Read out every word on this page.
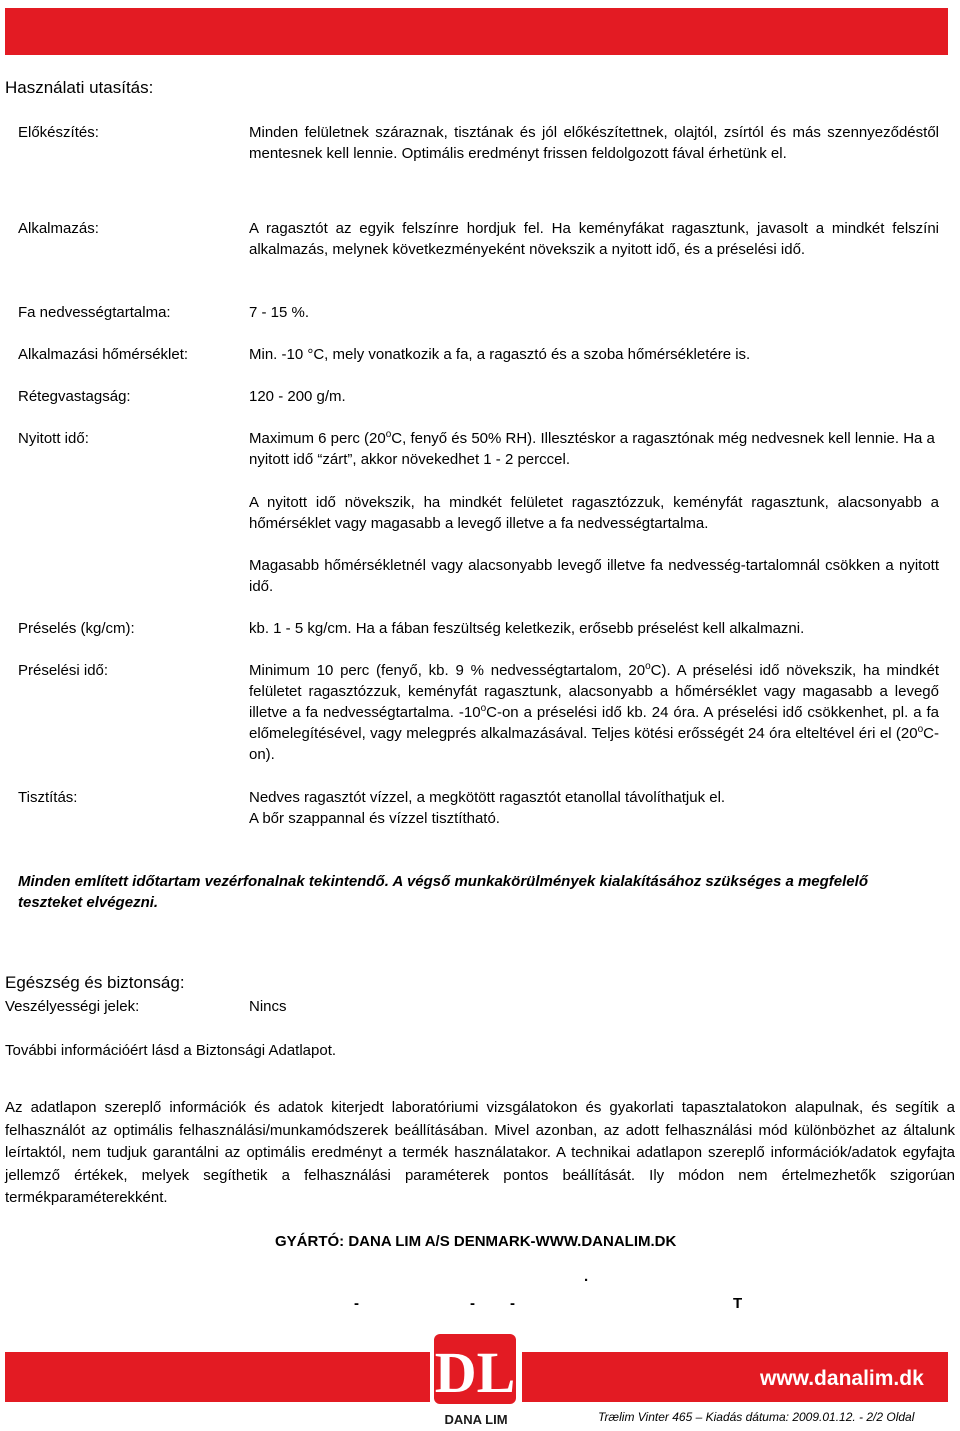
Használati utasítás:
Előkészítés:	Minden felületnek száraznak, tisztának és jól előkészítettnek, olajtól, zsírtól és más szennyeződéstől mentesnek kell lennie. Optimális eredményt frissen feldolgozott fával érhetünk el.
Alkalmazás:	A ragasztót az egyik felszínre hordjuk fel. Ha keményfákat ragasztunk, javasolt a mindkét felszíni alkalmazás, melynek következményeként növekszik a nyitott idő, és a préselési idő.
Fa nedvességtartalma:	7 - 15 %.
Alkalmazási hőmérséklet:	Min. -10 °C, mely vonatkozik a fa, a ragasztó és a szoba hőmérsékletére is.
Rétegvastagság:	120 - 200 g/m.
Nyitott idő:	Maximum 6 perc (20$^o$C, fenyő és 50% RH). Illesztéskor a ragasztónak még nedvesnek kell lennie. Ha a nyitott idő “zárt”, akkor növekedhet 1 - 2 perccel.
A nyitott idő növekszik, ha mindkét felületet ragasztózzuk, keményfát ragasztunk, alacsonyabb a hőmérséklet vagy magasabb a levegő illetve a fa nedvességtartalma.
Magasabb hőmérsékletnél vagy alacsonyabb levegő illetve fa nedvesség-tartalomnál csökken a nyitott idő.
Préselés (kg/cm):	kb. 1 - 5 kg/cm. Ha a fában feszültség keletkezik, erősebb préselést kell alkalmazni.
Préselési idő:	Minimum 10 perc (fenyő, kb. 9 % nedvességtartalom, 20$^o$C). A préselési idő növekszik, ha mindkét felületet ragasztózzuk, keményfát ragasztunk, alacsonyabb a hőmérséklet vagy magasabb a levegő illetve a fa nedvességtartalma. -10$^o$C-on a préselési idő kb. 24 óra. A préselési idő csökkenhet, pl. a fa előmelegítésével, vagy melegprés alkalmazásával. Teljes kötési erősségét 24 óra elteltével éri el (20$^o$C-on).
Tisztítás:	Nedves ragasztót vízzel, a megkötött ragasztót etanollal távolíthatjuk el.
A bőr szappannal és vízzel tisztítható.
Minden említett időtartam vezérfonalnak tekintendő. A végső munkakörülmények kialakításához szükséges a megfelelő teszteket elvégezni.
Egészség és biztonság:
Veszélyességi jelek:	Nincs
További információért lásd a Biztonsági Adatlapot.
Az adatlapon szereplő információk és adatok kiterjedt laboratóriumi vizsgálatokon és gyakorlati tapasztalatokon alapulnak, és segítik a felhasználót az optimális felhasználási/munkamódszerek beállításában. Mivel azonban, az adott felhasználási mód különbözhet az általunk leírtaktól, nem tudjuk garantálni az optimális eredményt a termék használatakor. A technikai adatlapon szereplő információk/adatok egyfajta jellemző értékek, melyek segíthetik a felhasználási paraméterek pontos beállítását. Ily módon nem értelmezhetők szigorúan termékparaméterekként.
GYÁRTÓ: DANA LIM A/S DENMARK-WWW.DANALIM.DK
.
-	- -	T
DL
DANA LIM
www.danalim.dk
Trælim Vinter 465 – Kiadás dátuma: 2009.01.12. - 2/2 Oldal
